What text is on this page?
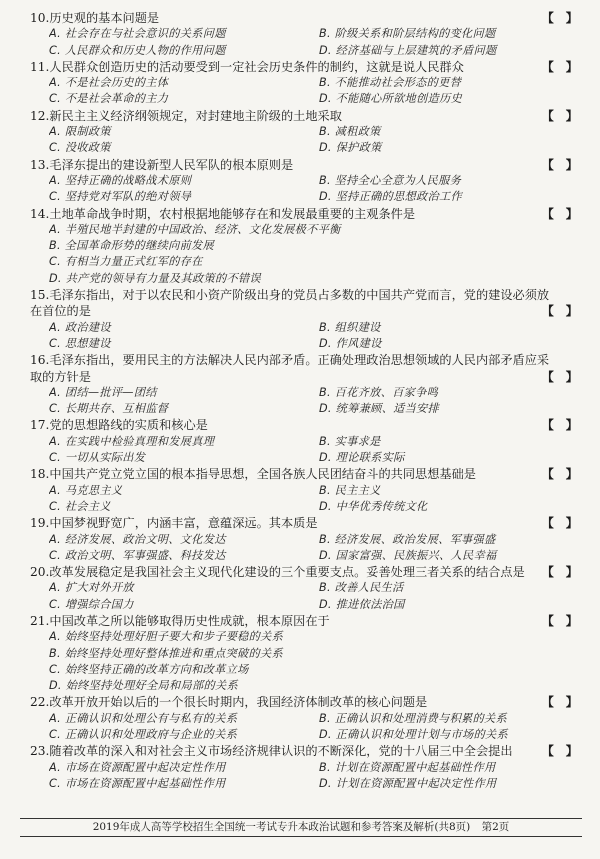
10.历史观的基本问题是	【】
A. 社会存在与社会意识的关系问题	B. 阶级关系和阶层结构的变化问题
C. 人民群众和历史人物的作用问题	D. 经济基础与上层建筑的矛盾问题
11.人民群众创造历史的活动要受到一定社会历史条件的制约，这就是说人民群众	【】
A. 不是社会历史的主体	B. 不能推动社会形态的更替
C. 不是社会革命的主力	D. 不能随心所欲地创造历史
12.新民主主义经济纲领规定，对封建地主阶级的土地采取	【】
A. 限制政策	B. 减租政策
C. 没收政策	D. 保护政策
13.毛泽东提出的建设新型人民军队的根本原则是	【】
A. 坚持正确的战略战术原则	B. 坚持全心全意为人民服务
C. 坚持党对军队的绝对领导	D. 坚持正确的思想政治工作
14.土地革命战争时期，农村根据地能够存在和发展最重要的主观条件是	【】
A. 半殖民地半封建的中国政治、经济、文化发展极不平衡
B. 全国革命形势的继续向前发展
C. 有相当力量正式红军的存在
D. 共产党的领导有力量及其政策的不错误
15.毛泽东指出，对于以农民和小资产阶级出身的党员占多数的中国共产党而言，党的建设必须放在首位的是	【】
A. 政治建设	B. 组织建设
C. 思想建设	D. 作风建设
16.毛泽东指出，要用民主的方法解决人民内部矛盾。正确处理政治思想领域的人民内部矛盾应采取的方针是	【】
A. 团结—批评—团结	B. 百花齐放、百家争鸣
C. 长期共存、互相监督	D. 统筹兼顾、适当安排
17.党的思想路线的实质和核心是	【】
A. 在实践中检验真理和发展真理	B. 实事求是
C. 一切从实际出发	D. 理论联系实际
18.中国共产党立党立国的根本指导思想，全国各族人民团结奋斗的共同思想基础是	【】
A. 马克思主义	B. 民主主义
C. 社会主义	D. 中华优秀传统文化
19.中国梦视野宽广，内涵丰富，意蕴深远。其本质是	【】
A. 经济发展、政治文明、文化发达	B. 经济发展、政治发展、军事强盛
C. 政治文明、军事强盛、科技发达	D. 国家富强、民族振兴、人民幸福
20.改革发展稳定是我国社会主义现代化建设的三个重要支点。妥善处理三者关系的结合点是	【】
A. 扩大对外开放	B. 改善人民生活
C. 增强综合国力	D. 推进依法治国
21.中国改革之所以能够取得历史性成就，根本原因在于	【】
A. 始终坚持处理好胆子要大和步子要稳的关系
B. 始终坚持处理好整体推进和重点突破的关系
C. 始终坚持正确的改革方向和改革立场
D. 始终坚持处理好全局和局部的关系
22.改革开放开始以后的一个很长时期内，我国经济体制改革的核心问题是	【】
A. 正确认识和处理公有与私有的关系	B. 正确认识和处理消费与积累的关系
C. 正确认识和处理政府与企业的关系	D. 正确认识和处理计划与市场的关系
23.随着改革的深入和对社会主义市场经济规律认识的不断深化，党的十八届三中全会提出	【】
A. 市场在资源配置中起决定性作用	B. 计划在资源配置中起基础性作用
C. 市场在资源配置中起基础性作用	D. 计划在资源配置中起决定性作用
2019年成人高等学校招生全国统一考试专升本政治试题和参考答案及解析(共8页) 第2页
